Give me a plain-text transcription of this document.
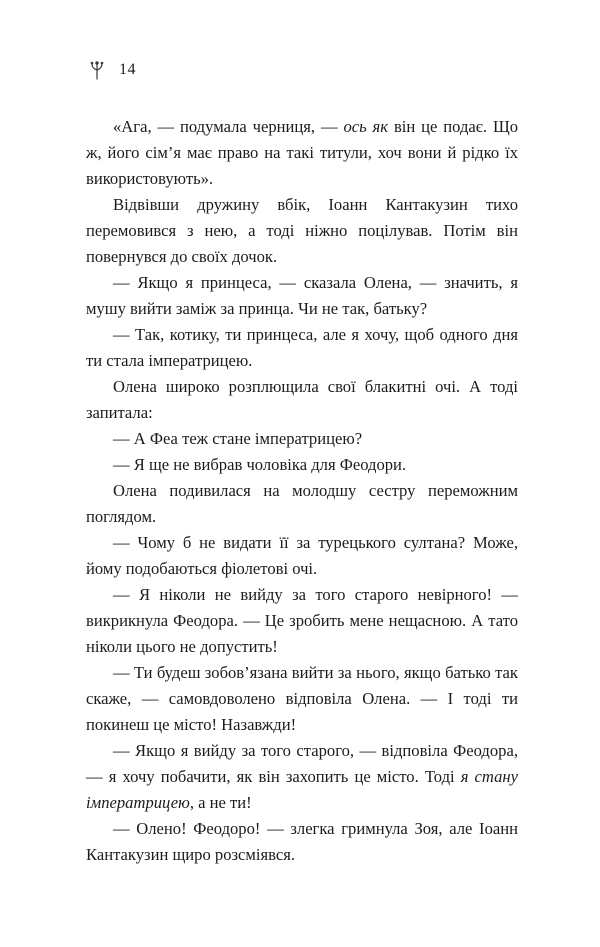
14

«Ага, — подумала черниця, — ось як він це подає. Що ж, його сім’я має право на такі титули, хоч вони й рідко їх використовують».

Відвівши дружину вбік, Іоанн Кантакузин тихо перемовився з нею, а тоді ніжно поцілував. Потім він повернувся до своїх дочок.

— Якщо я принцеса, — сказала Олена, — значить, я мушу вийти заміж за принца. Чи не так, батьку?

— Так, котику, ти принцеса, але я хочу, щоб одного дня ти стала імператрицею.

Олена широко розплющила свої блакитні очі. А тоді запитала:

— А Феа теж стане імператрицею?

— Я ще не вибрав чоловіка для Феодори.

Олена подивилася на молодшу сестру переможним поглядом.

— Чому б не видати її за турецького султана? Може, йому подобаються фіолетові очі.

— Я ніколи не вийду за того старого невірного! — викрикнула Феодора. — Це зробить мене нещасною. А тато ніколи цього не допустить!

— Ти будеш зобов’язана вийти за нього, якщо батько так скаже, — самовдоволено відповіла Олена. — І тоді ти покинеш це місто! Назавжди!

— Якщо я вийду за того старого, — відповіла Феодора, — я хочу побачити, як він захопить це місто. Тоді я стану імператрицею, а не ти!

— Олено! Феодоро! — злегка гримнула Зоя, але Іоанн Кантакузин щиро розсміявся.
